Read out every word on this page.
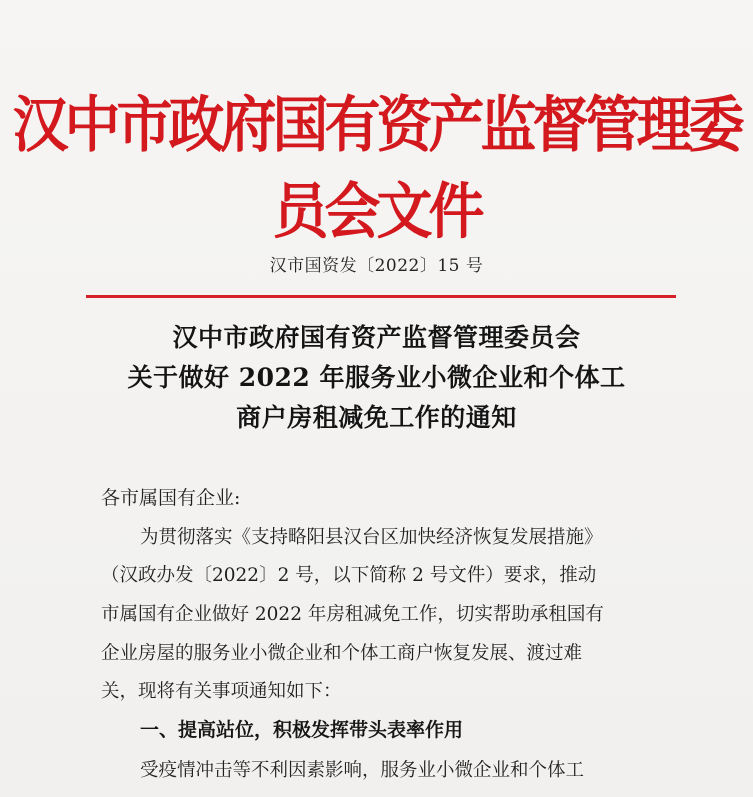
汉中市政府国有资产监督管理委员会文件
汉市国资发〔2022〕15 号
汉中市政府国有资产监督管理委员会
关于做好 2022 年服务业小微企业和个体工
商户房租减免工作的通知
各市属国有企业:
为贯彻落实《支持略阳县汉台区加快经济恢复发展措施》
（汉政办发〔2022〕2 号，以下简称 2 号文件）要求，推动
市属国有企业做好 2022 年房租减免工作，切实帮助承租国有
企业房屋的服务业小微企业和个体工商户恢复发展、渡过难
关，现将有关事项通知如下：
一、提高站位，积极发挥带头表率作用
受疫情冲击等不利因素影响，服务业小微企业和个体工
